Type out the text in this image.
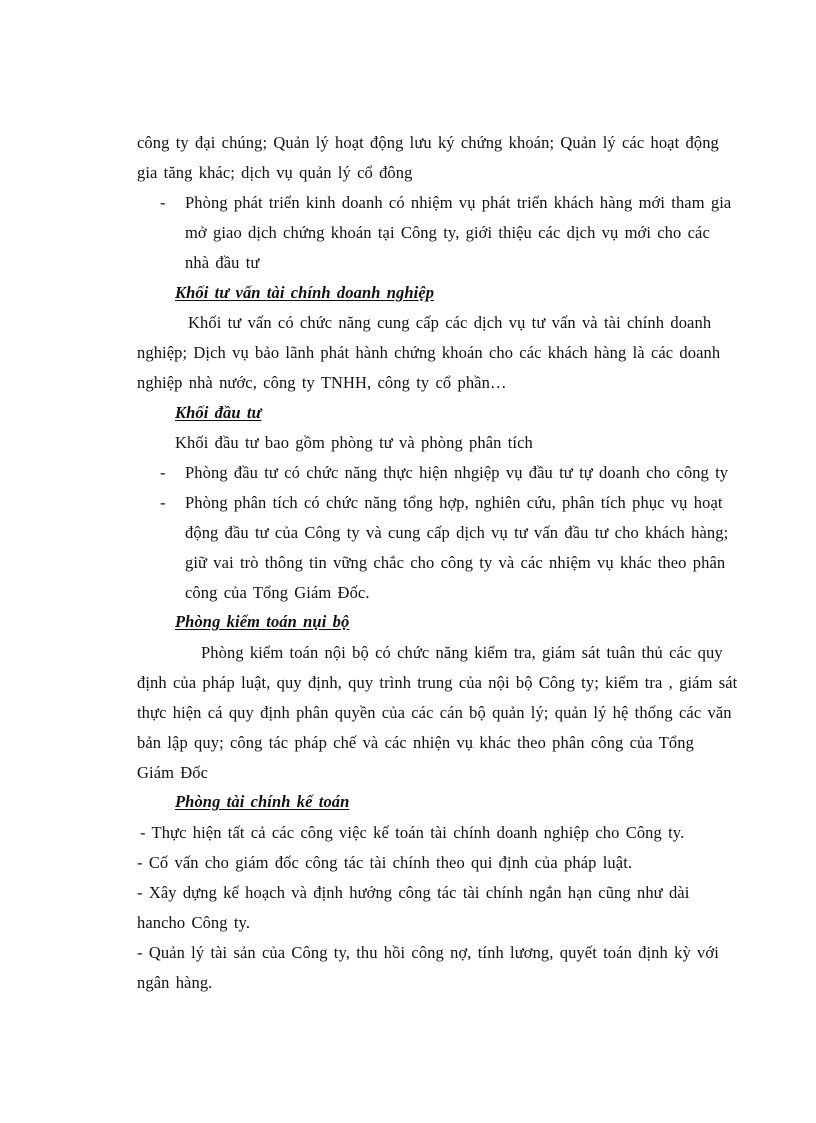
công ty đại chúng; Quản lý hoạt động lưu ký chứng khoán; Quản lý các hoạt động
gia tăng khác; dịch vụ quản lý cổ đông
- Phòng phát triển kinh doanh có nhiệm vụ phát triển khách hàng mới tham gia
mở giao dịch chứng khoán tại Công ty, giới thiệu các dịch vụ mới cho các
nhà đầu tư
Khối tư vấn tài chính doanh nghiệp
Khối tư vấn có chức năng cung cấp các dịch vụ tư vấn và tài chính doanh
nghiệp; Dịch vụ bảo lãnh phát hành chứng khoán cho các khách hàng là các doanh
nghiệp nhà nước, công ty TNHH, công ty cổ phần…
Khối đầu tư
Khối đầu tư bao gồm phòng tư và phòng phân tích
- Phòng đầu tư có chức năng thực hiện nhgiệp vụ đầu tư tự doanh cho công ty
- Phòng phân tích có chức năng tổng hợp, nghiên cứu, phân tích phục vụ hoạt
động đầu tư của Công ty và cung cấp dịch vụ tư vấn đầu tư cho khách hàng;
giữ vai trò thông tin vững chắc cho công ty và các nhiệm vụ khác theo phân
công của Tổng Giám Đốc.
Phòng kiểm toán nụi bộ
Phòng kiểm toán nội bộ có chức năng kiểm tra, giám sát tuân thủ các quy
định của pháp luật, quy định, quy trình trung của nội bộ Công ty; kiểm tra , giám sát
thực hiện cá quy định phân quyền của các cán bộ quản lý; quản lý hệ thống các văn
bản lập quy; công tác pháp chế và các nhiện vụ khác theo phân công của Tổng
Giám Đốc
Phòng tài chính kế toán
- Thực hiện tất cả các công việc kế toán tài chính doanh nghiệp cho Công ty.
- Cố vấn cho giám đốc công tác tài chính theo qui định của pháp luật.
- Xây dựng kế hoạch và định hướng công tác tài chính ngắn hạn cũng như dài
hancho Công ty.
- Quản lý tài sản của Công ty, thu hồi công nợ, tính lương, quyết toán định kỳ với
ngân hàng.
